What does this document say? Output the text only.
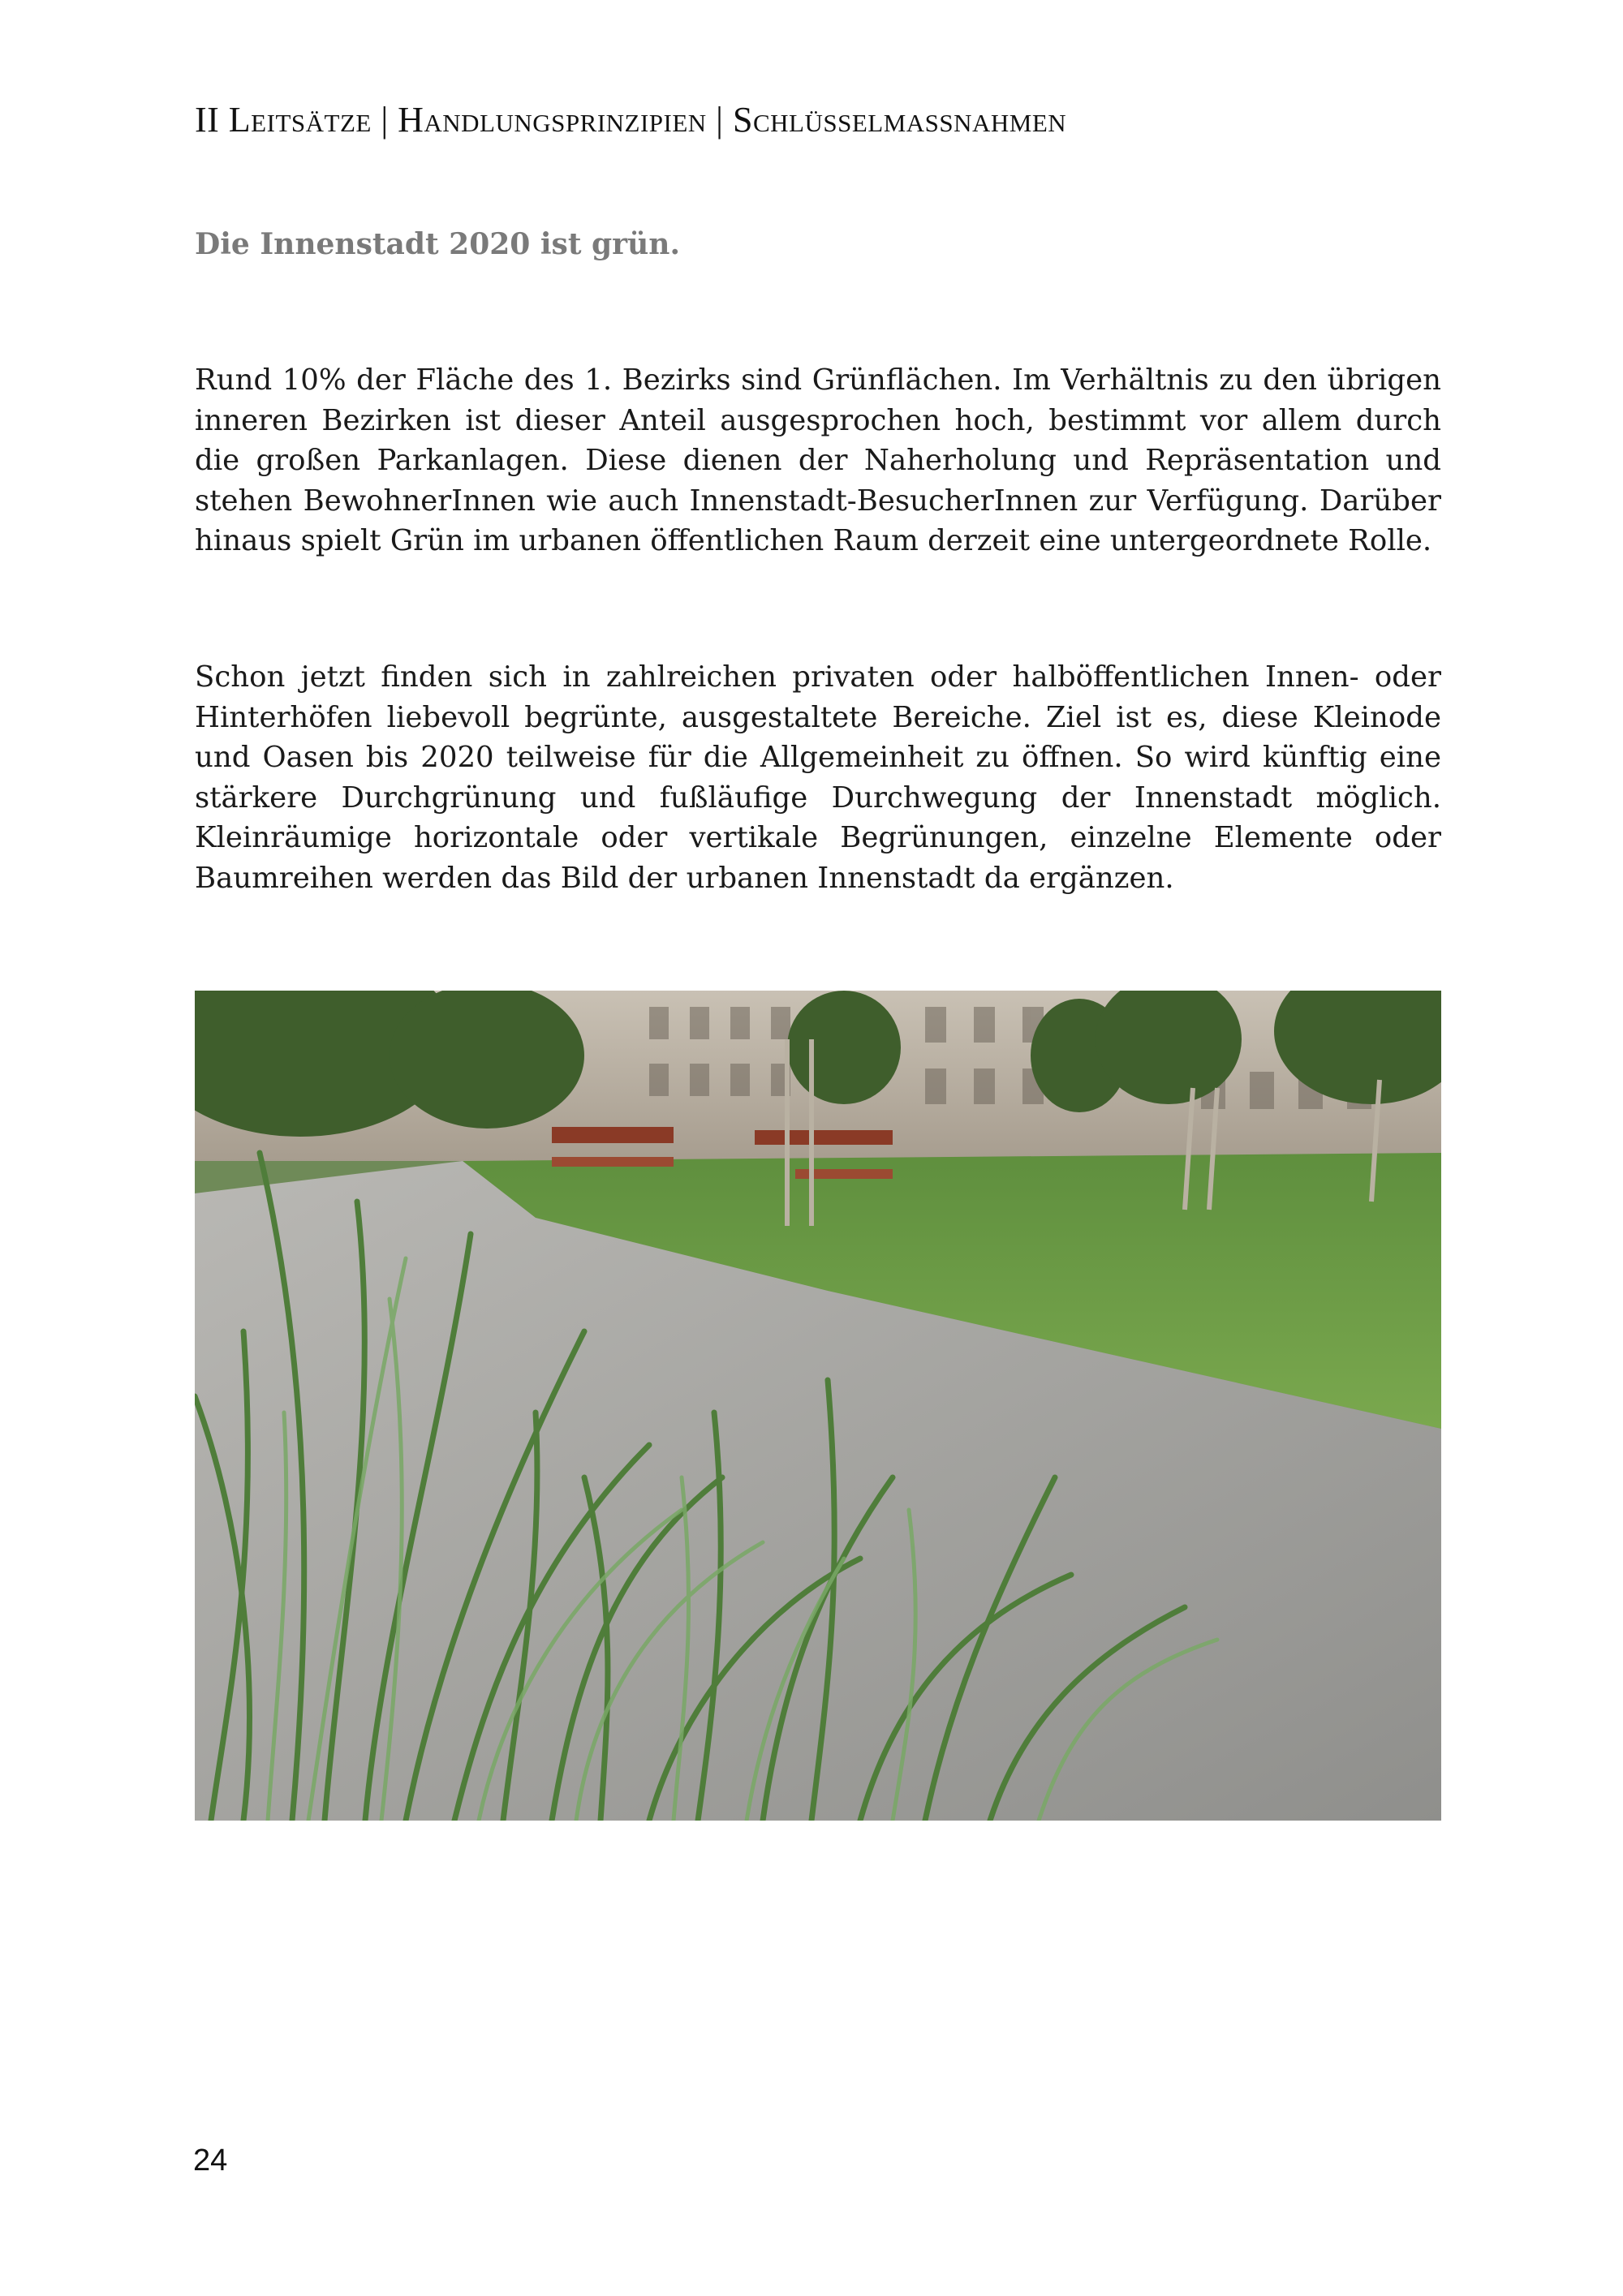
II Leitsätze | Handlungsprinzipien | Schlüsselmassnahmen
Die Innenstadt 2020 ist grün.

Rund 10% der Fläche des 1. Bezirks sind Grünflächen. Im Verhältnis zu den übrigen inneren Bezirken ist dieser Anteil ausgesprochen hoch, bestimmt vor allem durch die großen Parkanlagen. Diese dienen der Naherholung und Repräsentation und stehen BewohnerInnen wie auch Innenstadt-BesucherInnen zur Verfügung. Darüber hinaus spielt Grün im urbanen öffentlichen Raum derzeit eine untergeordnete Rolle.

Schon jetzt finden sich in zahlreichen privaten oder halböffentlichen Innen- oder Hinterhöfen liebevoll begrünte, ausgestaltete Bereiche. Ziel ist es, diese Kleinode und Oasen bis 2020 teilweise für die Allgemeinheit zu öffnen. So wird künftig eine stärkere Durchgrünung und fußläufige Durchwegung der Innenstadt möglich. Kleinräumige horizontale oder vertikale Begrünungen, einzelne Elemente oder Baumreihen werden das Bild der urbanen Innenstadt da ergänzen.

24
